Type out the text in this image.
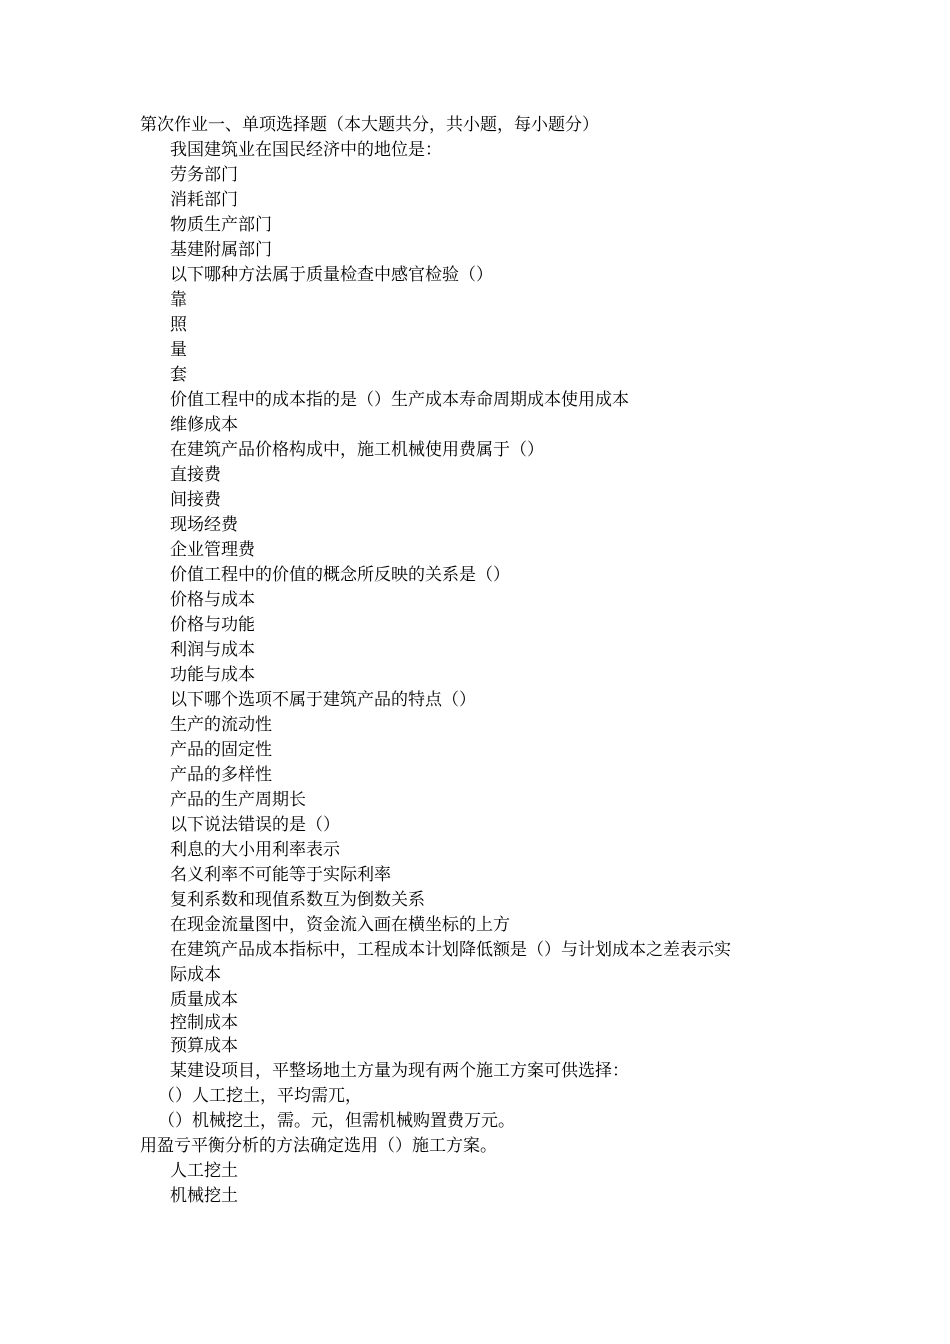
第次作业一、单项选择题（本大题共分，共小题，每小题分）
我国建筑业在国民经济中的地位是：
劳务部门
消耗部门
物质生产部门
基建附属部门
以下哪种方法属于质量检查中感官检验（）
靠
照
量
套
价值工程中的成本指的是（）生产成本寿命周期成本使用成本
维修成本
在建筑产品价格构成中，施工机械使用费属于（）
直接费
间接费
现场经费
企业管理费
价值工程中的价值的概念所反映的关系是（）
价格与成本
价格与功能
利润与成本
功能与成本
以下哪个选项不属于建筑产品的特点（）
生产的流动性
产品的固定性
产品的多样性
产品的生产周期长
以下说法错误的是（）
利息的大小用利率表示
名义利率不可能等于实际利率
复利系数和现值系数互为倒数关系
在现金流量图中，资金流入画在横坐标的上方
在建筑产品成本指标中，工程成本计划降低额是（）与计划成本之差表示实
际成本
质量成本
控制成本
预算成本
某建设项目，平整场地土方量为现有两个施工方案可供选择：
（）人工挖土，平均需兀，
（）机械挖土，需。元，但需机械购置费万元。
用盈亏平衡分析的方法确定选用（）施工方案。
人工挖土
机械挖土
